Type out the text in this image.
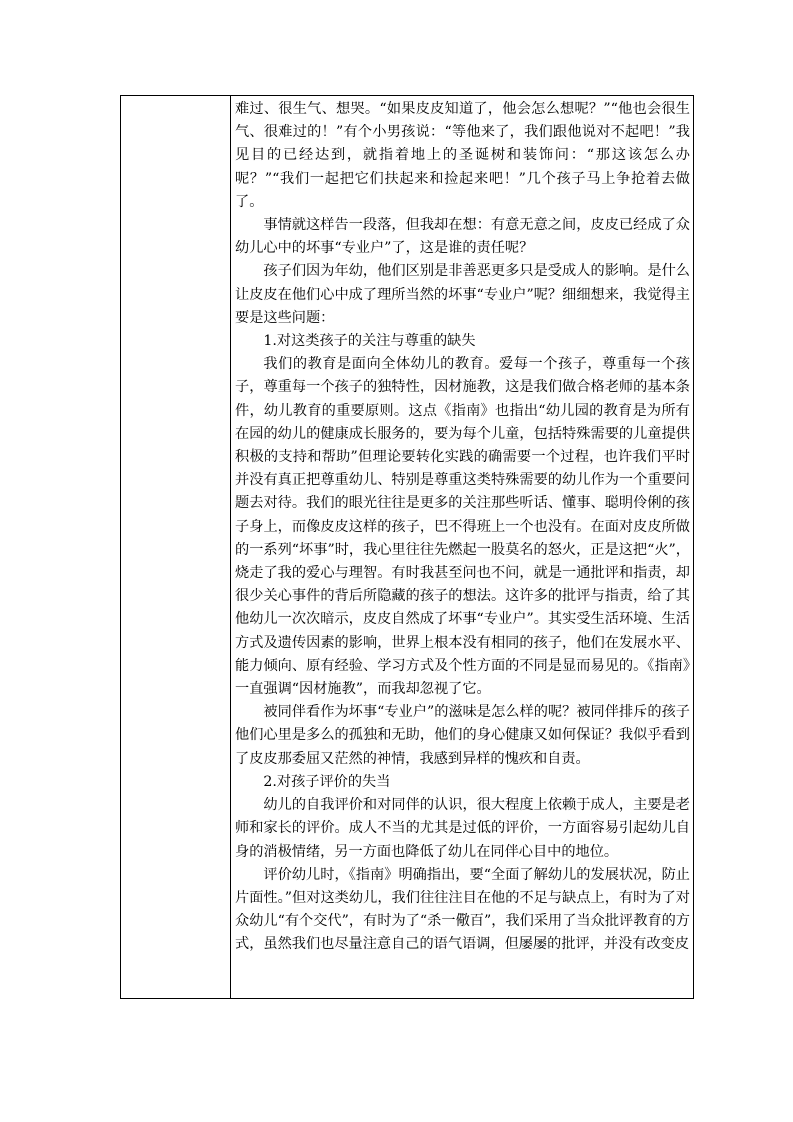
难过、很生气、想哭。“如果皮皮知道了，他会怎么想呢？”“他也会很生气、很难过的！”有个小男孩说：“等他来了，我们跟他说对不起吧！”我见目的已经达到，就指着地上的圣诞树和装饰问：“那这该怎么办呢？”“我们一起把它们扶起来和捡起来吧！”几个孩子马上争抢着去做了。

事情就这样告一段落，但我却在想：有意无意之间，皮皮已经成了众幼儿心中的坏事“专业户”了，这是谁的责任呢？

孩子们因为年幼，他们区别是非善恶更多只是受成人的影响。是什么让皮皮在他们心中成了理所当然的坏事“专业户”呢？细细想来，我觉得主要是这些问题：

1.对这类孩子的关注与尊重的缺失

我们的教育是面向全体幼儿的教育。爱每一个孩子，尊重每一个孩子，尊重每一个孩子的独特性，因材施教，这是我们做合格老师的基本条件，幼儿教育的重要原则。这点《指南》也指出“幼儿园的教育是为所有在园的幼儿的健康成长服务的，要为每个儿童，包括特殊需要的儿童提供积极的支持和帮助”但理论要转化实践的确需要一个过程，也许我们平时并没有真正把尊重幼儿、特别是尊重这类特殊需要的幼儿作为一个重要问题去对待。我们的眼光往往是更多的关注那些听话、懂事、聪明伶俐的孩子身上，而像皮皮这样的孩子，巴不得班上一个也没有。在面对皮皮所做的一系列“坏事”时，我心里往往先燃起一股莫名的怒火，正是这把“火”，烧走了我的爱心与理智。有时我甚至问也不问，就是一通批评和指责，却很少关心事件的背后所隐藏的孩子的想法。这许多的批评与指责，给了其他幼儿一次次暗示，皮皮自然成了坏事“专业户”。其实受生活环境、生活方式及遗传因素的影响，世界上根本没有相同的孩子，他们在发展水平、能力倾向、原有经验、学习方式及个性方面的不同是显而易见的。《指南》一直强调“因材施教”，而我却忽视了它。

被同伴看作为坏事“专业户”的滋味是怎么样的呢？被同伴排斥的孩子他们心里是多么的孤独和无助，他们的身心健康又如何保证？我似乎看到了皮皮那委屈又茫然的神情，我感到异样的愧疚和自责。

2.对孩子评价的失当

幼儿的自我评价和对同伴的认识，很大程度上依赖于成人，主要是老师和家长的评价。成人不当的尤其是过低的评价，一方面容易引起幼儿自身的消极情绪，另一方面也降低了幼儿在同伴心目中的地位。

评价幼儿时，《指南》明确指出，要“全面了解幼儿的发展状况，防止片面性。”但对这类幼儿，我们往往注目在他的不足与缺点上，有时为了对众幼儿“有个交代”，有时为了“杀一儆百”，我们采用了当众批评教育的方式，虽然我们也尽量注意自己的语气语调，但屡屡的批评，并没有改变皮
